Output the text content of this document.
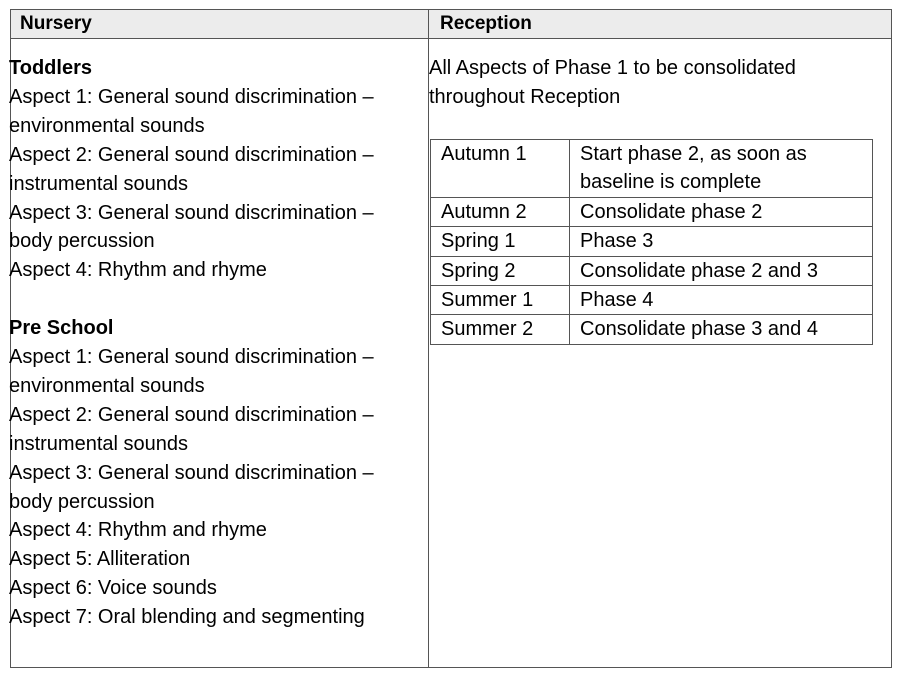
Nursery	Reception
Toddlers
Aspect 1: General sound discrimination –
environmental sounds
Aspect 2: General sound discrimination –
instrumental sounds
Aspect 3: General sound discrimination –
body percussion
Aspect 4: Rhythm and rhyme
Pre School
Aspect 1: General sound discrimination –
environmental sounds
Aspect 2: General sound discrimination –
instrumental sounds
Aspect 3: General sound discrimination –
body percussion
Aspect 4: Rhythm and rhyme
Aspect 5: Alliteration
Aspect 6: Voice sounds
Aspect 7: Oral blending and segmenting
All Aspects of Phase 1 to be consolidated
throughout Reception
Autumn 1	Start phase 2, as soon as
baseline is complete

Autumn 2	Consolidate phase 2

Spring 1	Phase 3

Spring 2	Consolidate phase 2 and 3

Summer 1	Phase 4

Summer 2	Consolidate phase 3 and 4
